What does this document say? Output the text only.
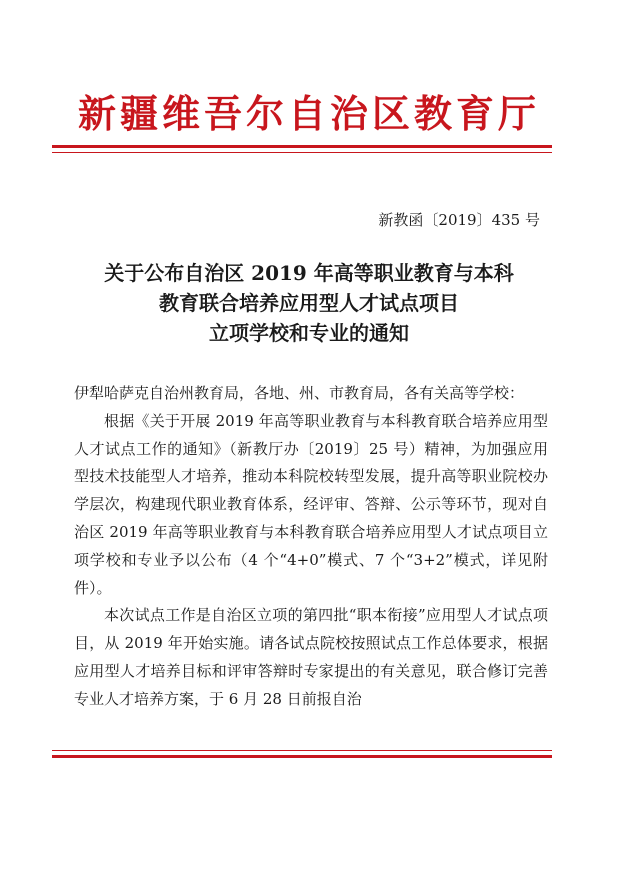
新疆维吾尔自治区教育厅
新教函〔2019〕435 号
关于公布自治区 2019 年高等职业教育与本科
教育联合培养应用型人才试点项目
立项学校和专业的通知

伊犁哈萨克自治州教育局，各地、州、市教育局，各有关高等学校：

根据《关于开展 2019 年高等职业教育与本科教育联合培养应用型人才试点工作的通知》（新教厅办〔2019〕25 号）精神，为加强应用型技术技能型人才培养，推动本科院校转型发展，提升高等职业院校办学层次，构建现代职业教育体系，经评审、答辩、公示等环节，现对自治区 2019 年高等职业教育与本科教育联合培养应用型人才试点项目立项学校和专业予以公布（4 个“4+0”模式、7 个“3+2”模式，详见附件）。

本次试点工作是自治区立项的第四批“职本衔接”应用型人才试点项目，从 2019 年开始实施。请各试点院校按照试点工作总体要求，根据应用型人才培养目标和评审答辩时专家提出的有关意见，联合修订完善专业人才培养方案，于 6 月 28 日前报自治
